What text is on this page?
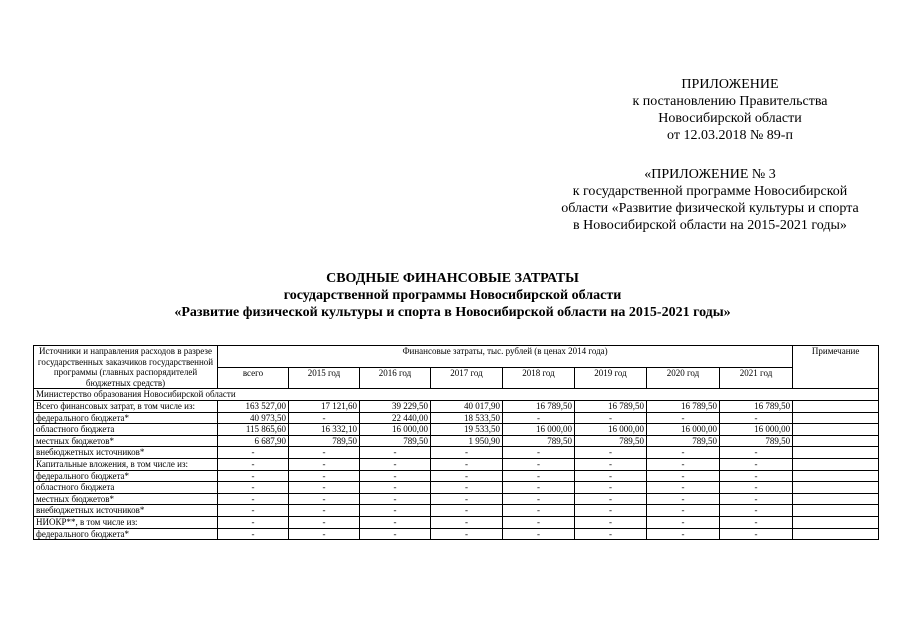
ПРИЛОЖЕНИЕ
к постановлению Правительства
Новосибирской области
от 12.03.2018 № 89-п
«ПРИЛОЖЕНИЕ № 3
к государственной программе Новосибирской
области «Развитие физической культуры и спорта
в Новосибирской области на 2015-2021 годы»
СВОДНЫЕ ФИНАНСОВЫЕ ЗАТРАТЫ
государственной программы Новосибирской области
«Развитие физической культуры и спорта в Новосибирской области на 2015-2021 годы»
Источники и направления расходов в разрезе государственных заказчиков государственной программы (главных распорядителей бюджетных средств)	Финансовые затраты, тыс. рублей (в ценах 2014 года)								Примечание
	всего	2015 год	2016 год	2017 год	2018 год	2019 год	2020 год	2021 год	
Министерство образования Новосибирской области									
Всего финансовых затрат, в том числе из:	163 527,00	17 121,60	39 229,50	40 017,90	16 789,50	16 789,50	16 789,50	16 789,50	
федерального бюджета*	40 973,50	-	22 440,00	18 533,50	-	-	-	-	
областного бюджета	115 865,60	16 332,10	16 000,00	19 533,50	16 000,00	16 000,00	16 000,00	16 000,00	
местных бюджетов*	6 687,90	789,50	789,50	1 950,90	789,50	789,50	789,50	789,50	
внебюджетных источников*	-	-	-	-	-	-	-	-	
Капитальные вложения, в том числе из:	-	-	-	-	-	-	-	-	
федерального бюджета*	-	-	-	-	-	-	-	-	
областного бюджета	-	-	-	-	-	-	-	-	
местных бюджетов*	-	-	-	-	-	-	-	-	
внебюджетных источников*	-	-	-	-	-	-	-	-	
НИОКР**, в том числе из:	-	-	-	-	-	-	-	-	
федерального бюджета*	-	-	-	-	-	-	-	-	
